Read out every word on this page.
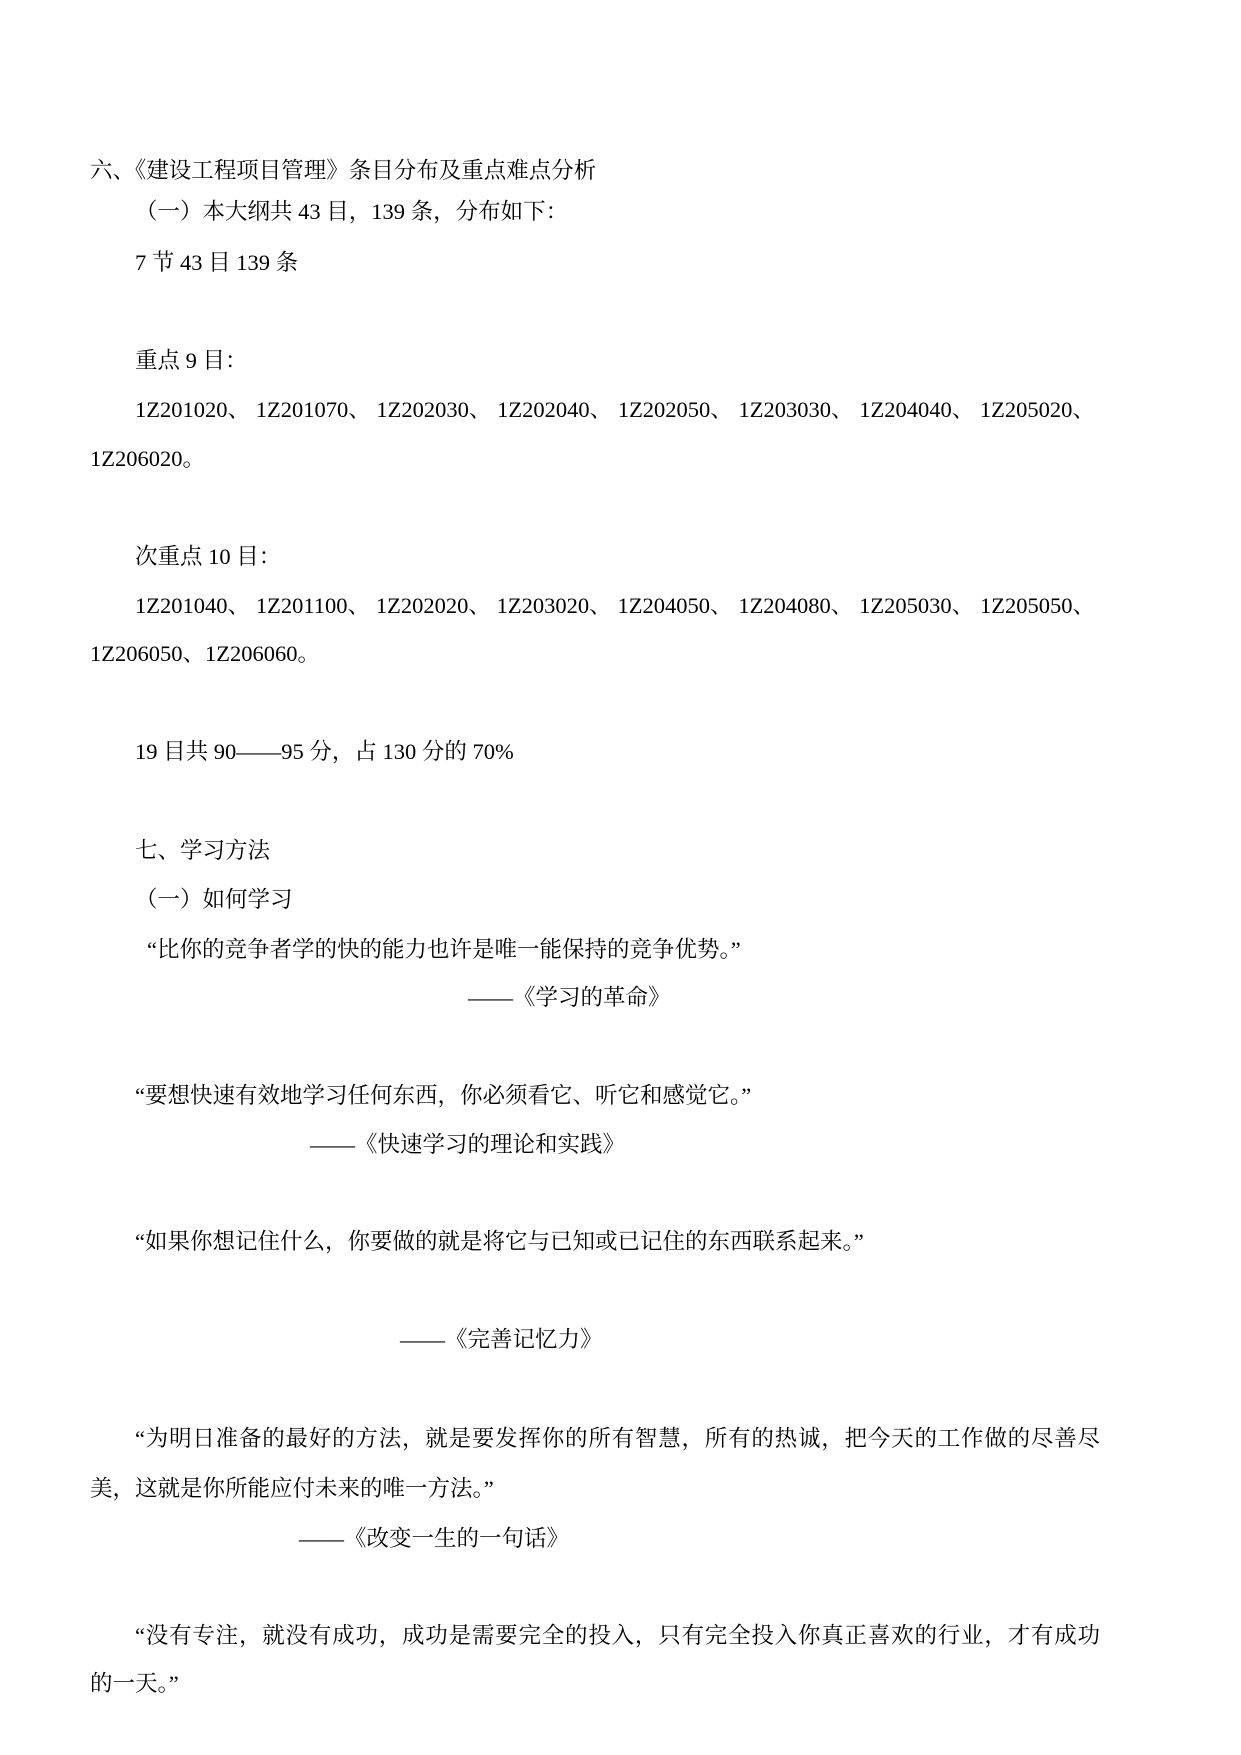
六、《建设工程项目管理》条目分布及重点难点分析
（一）本大纲共 43 目，139 条，分布如下：
7 节 43 目 139 条
重点 9 目：
1Z201020、 1Z201070、 1Z202030、 1Z202040、 1Z202050、 1Z203030、 1Z204040、 1Z205020、
1Z206020。
次重点 10 目：
1Z201040、 1Z201100、 1Z202020、 1Z203020、 1Z204050、 1Z204080、 1Z205030、 1Z205050、
1Z206050、1Z206060。
19 目共 90——95 分，占 130 分的 70%
七、学习方法
（一）如何学习
“比你的竞争者学的快的能力也许是唯一能保持的竞争优势。”
——《学习的革命》
“要想快速有效地学习任何东西，你必须看它、听它和感觉它。”
——《快速学习的理论和实践》
“如果你想记住什么，你要做的就是将它与已知或已记住的东西联系起来。”
——《完善记忆力》
“为明日准备的最好的方法，就是要发挥你的所有智慧，所有的热诚，把今天的工作做的尽善尽
美，这就是你所能应付未来的唯一方法。”
——《改变一生的一句话》
“没有专注，就没有成功，成功是需要完全的投入，只有完全投入你真正喜欢的行业，才有成功
的一天。”
